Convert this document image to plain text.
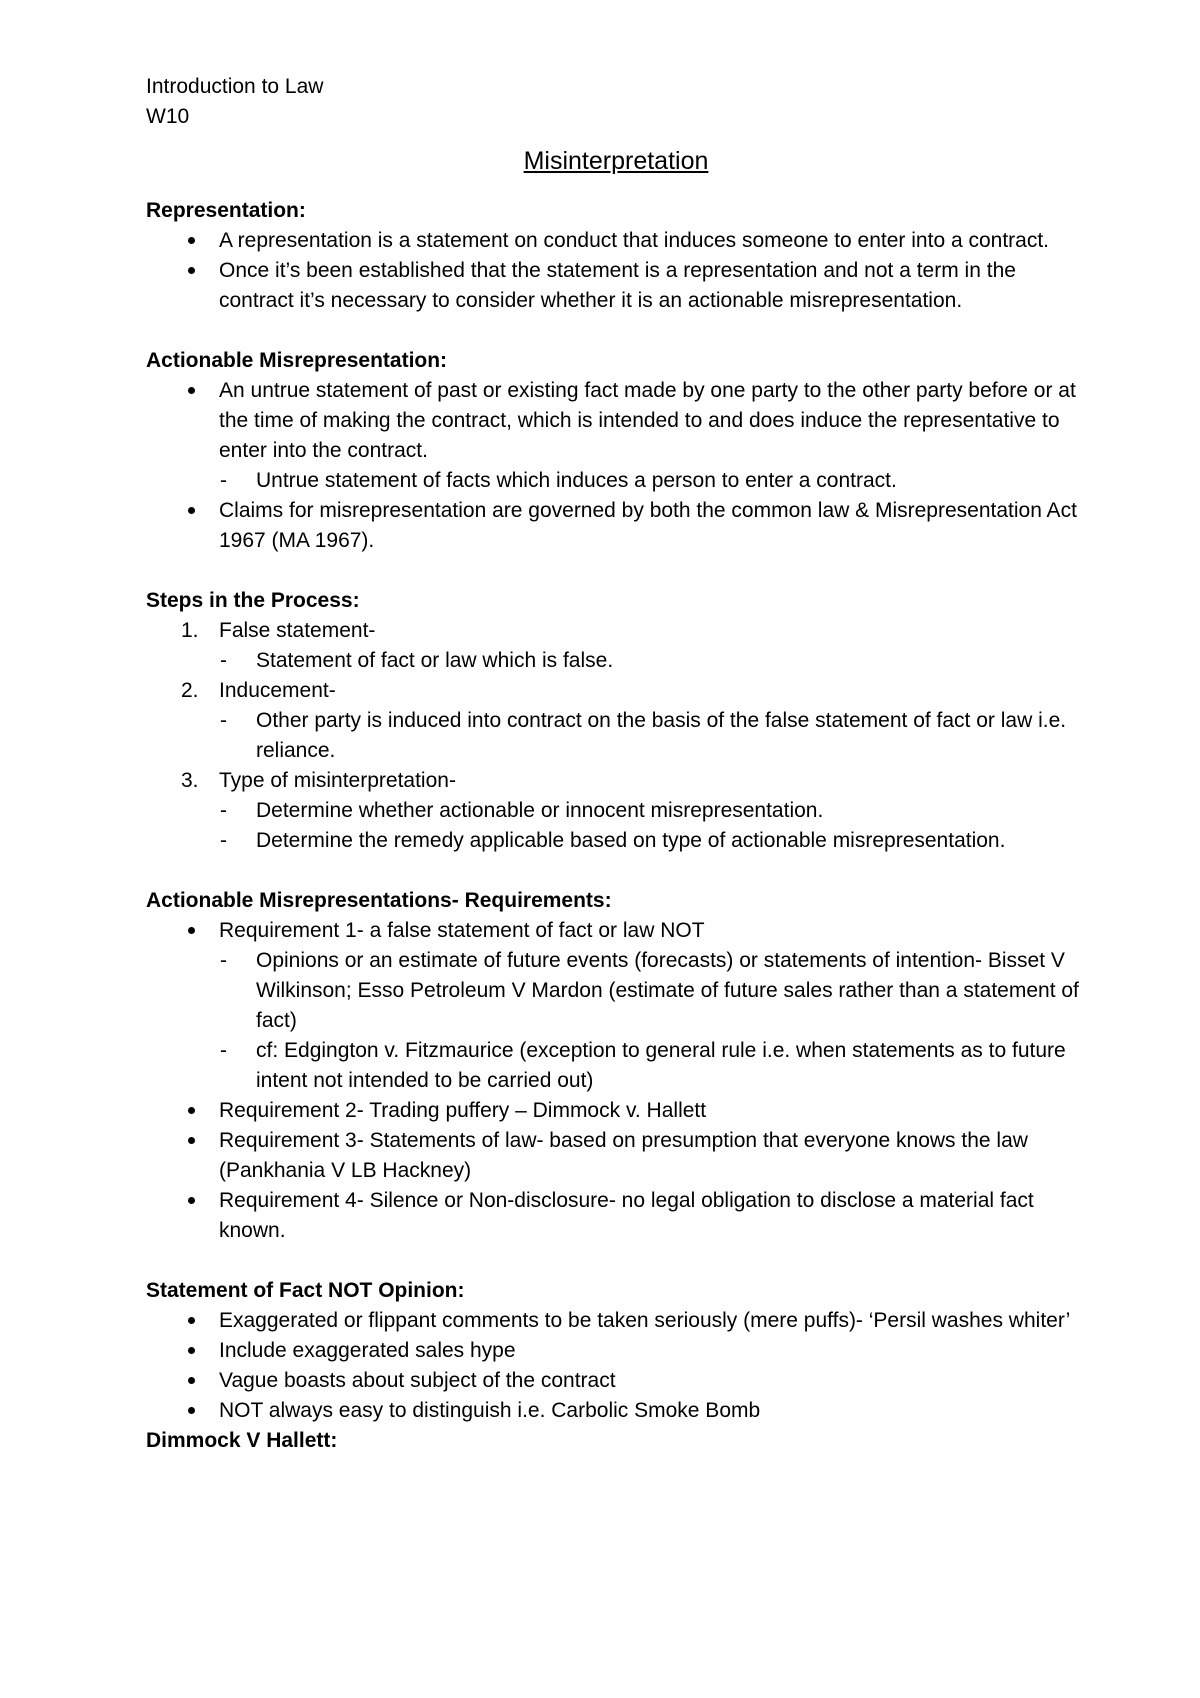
Introduction to Law

W10

Misinterpretation

Representation:

A representation is a statement on conduct that induces someone to enter into a contract.

Once it’s been established that the statement is a representation and not a term in the contract it’s necessary to consider whether it is an actionable misrepresentation.

Actionable Misrepresentation:

An untrue statement of past or existing fact made by one party to the other party before or at the time of making the contract, which is intended to and does induce the representative to enter into the contract.

- Untrue statement of facts which induces a person to enter a contract.

Claims for misrepresentation are governed by both the common law & Misrepresentation Act 1967 (MA 1967).

Steps in the Process:

1. False statement-

- Statement of fact or law which is false.

2. Inducement-

- Other party is induced into contract on the basis of the false statement of fact or law i.e. reliance.

3. Type of misinterpretation-

- Determine whether actionable or innocent misrepresentation.

- Determine the remedy applicable based on type of actionable misrepresentation.

Actionable Misrepresentations- Requirements:

Requirement 1- a false statement of fact or law NOT

- Opinions or an estimate of future events (forecasts) or statements of intention- Bisset V Wilkinson; Esso Petroleum V Mardon (estimate of future sales rather than a statement of fact)

- cf: Edgington v. Fitzmaurice (exception to general rule i.e. when statements as to future intent not intended to be carried out)

Requirement 2- Trading puffery – Dimmock v. Hallett

Requirement 3- Statements of law- based on presumption that everyone knows the law (Pankhania V LB Hackney)

Requirement 4- Silence or Non-disclosure- no legal obligation to disclose a material fact known.

Statement of Fact NOT Opinion:

Exaggerated or flippant comments to be taken seriously (mere puffs)- ‘Persil washes whiter’

Include exaggerated sales hype

Vague boasts about subject of the contract

NOT always easy to distinguish i.e. Carbolic Smoke Bomb

Dimmock V Hallett:
